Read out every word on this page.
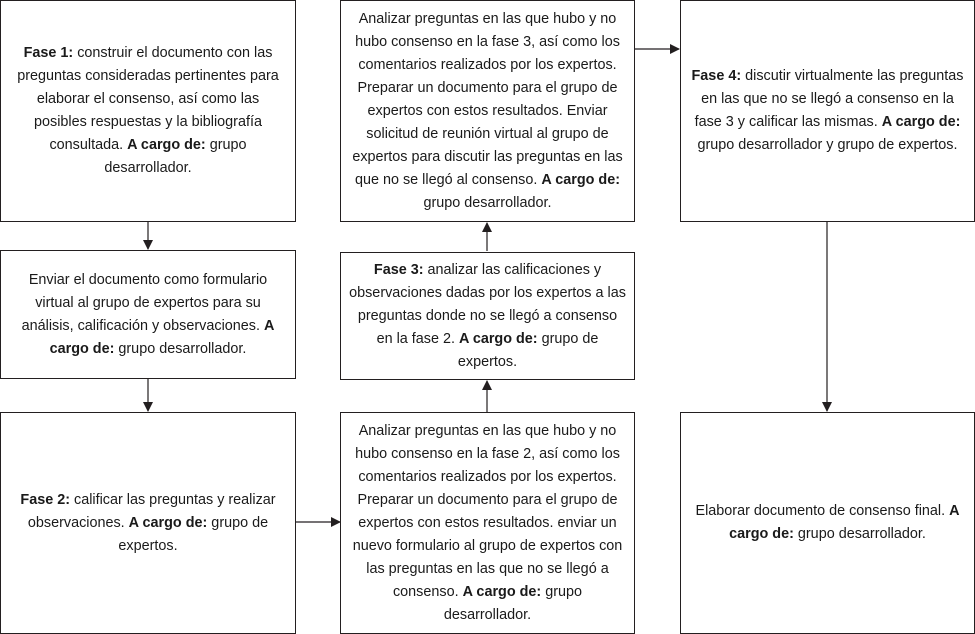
Fase 1: construir el documento con las preguntas consideradas pertinentes para elaborar el consenso, así como las posibles respuestas y la bibliografía consultada. A cargo de: grupo desarrollador.

Enviar el documento como formulario virtual al grupo de expertos para su análisis, calificación y observaciones. A cargo de: grupo desarrollador.

Fase 2: calificar las preguntas y realizar observaciones. A cargo de: grupo de expertos.

Analizar preguntas en las que hubo y no hubo consenso en la fase 2, así como los comentarios realizados por los expertos. Preparar un documento para el grupo de expertos con estos resultados. enviar un nuevo formulario al grupo de expertos con las preguntas en las que no se llegó a consenso. A cargo de: grupo desarrollador.

Fase 3: analizar las calificaciones y observaciones dadas por los expertos a las preguntas donde no se llegó a consenso en la fase 2. A cargo de: grupo de expertos.

Analizar preguntas en las que hubo y no hubo consenso en la fase 3, así como los comentarios realizados por los expertos. Preparar un documento para el grupo de expertos con estos resultados. Enviar solicitud de reunión virtual al grupo de expertos para discutir las preguntas en las que no se llegó al consenso. A cargo de: grupo desarrollador.

Fase 4: discutir virtualmente las preguntas en las que no se llegó a consenso en la fase 3 y calificar las mismas. A cargo de: grupo desarrollador y grupo de expertos.

Elaborar documento de consenso final. A cargo de: grupo desarrollador.
